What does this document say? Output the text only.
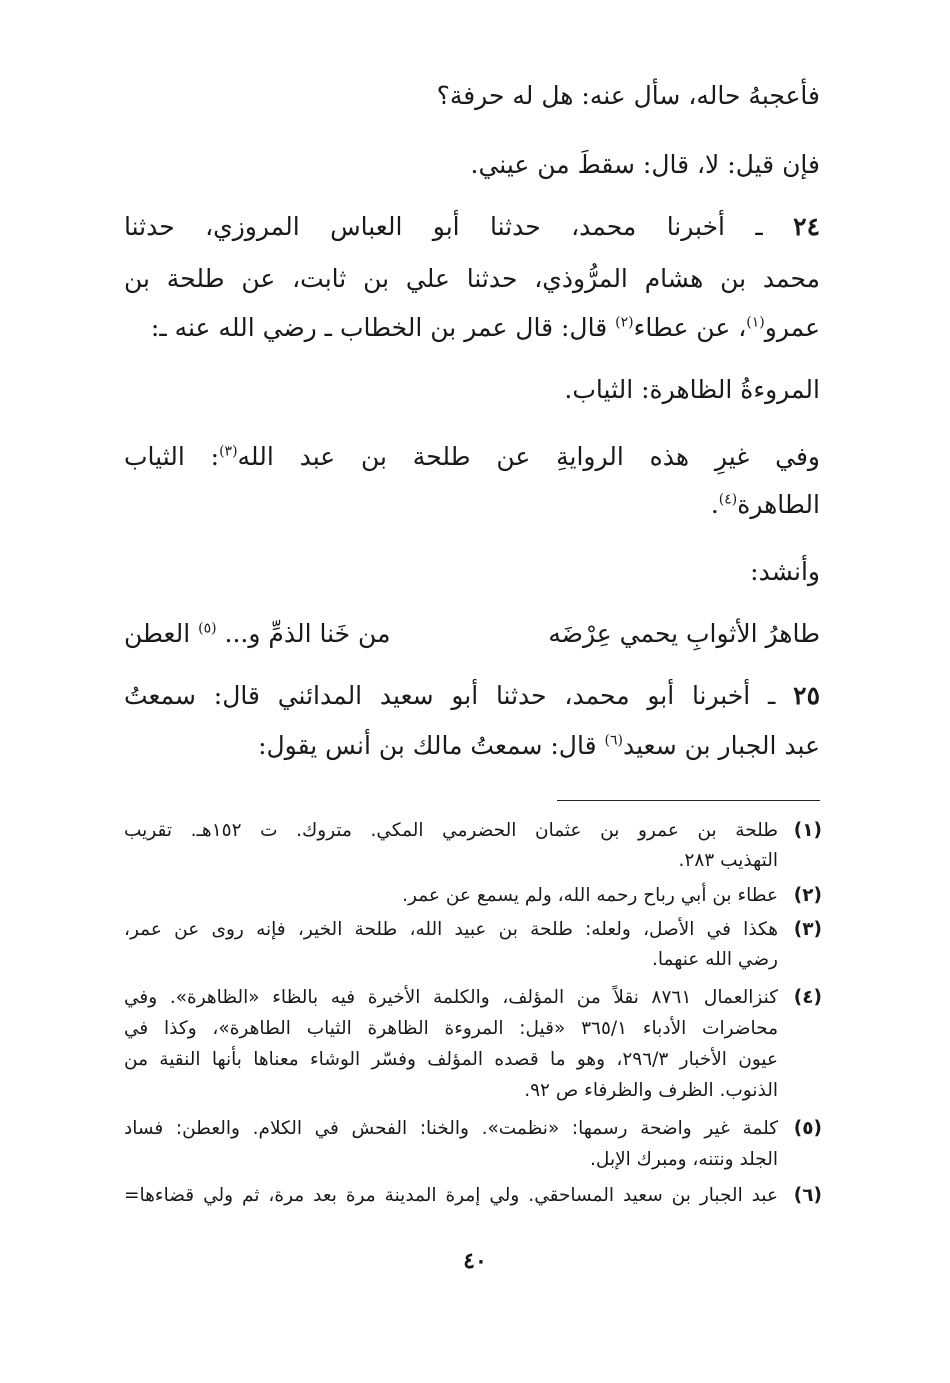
فأعجبهُ حاله، سأل عنه: هل له حرفة؟
فإن قيل: لا، قال: سقطَ من عيني.
٢٤ ـ أخبرنا محمد، حدثنا أبو العباس المروزي، حدثنا
محمد بن هشام المرُّوذي، حدثنا علي بن ثابت، عن طلحة بن
عمرو$^{(١)}$، عن عطاء$^{(٢)}$ قال: قال عمر بن الخطاب ـ رضي الله عنه ـ:
المروءةُ الظاهرة: الثياب.
وفي غيرِ هذه الروايةِ عن طلحة بن عبد الله$^{(٣)}$: الثياب
الطاهرة$^{(٤)}$.
وأنشد:
طاهرُ الأثوابِ يحمي عِرْضَه
من خَنا الذمِّ و... $^{(٥)}$ العطن
٢٥ ـ أخبرنا أبو محمد، حدثنا أبو سعيد المدائني قال: سمعتُ
عبد الجبار بن سعيد$^{(٦)}$ قال: سمعتُ مالك بن أنس يقول:
(١)
طلحة بن عمرو بن عثمان الحضرمي المكي. متروك. ت ١٥٢هـ. تقريب
التهذيب ٢٨٣.
(٢)
عطاء بن أبي رباح رحمه الله، ولم يسمع عن عمر.
(٣)
هكذا في الأصل، ولعله: طلحة بن عبيد الله، طلحة الخير، فإنه روى عن عمر،
رضي الله عنهما.
(٤)
كنزالعمال ٨٧٦١ نقلاً من المؤلف، والكلمة الأخيرة فيه بالظاء «الظاهرة». وفي
محاضرات الأدباء ٣٦٥/١ «قيل: المروءة الظاهرة الثياب الطاهرة»، وكذا في
عيون الأخبار ٢٩٦/٣، وهو ما قصده المؤلف وفسّر الوشاء معناها بأنها النقية من
الذنوب. الظرف والظرفاء ص ٩٢.
(٥)
كلمة غير واضحة رسمها: «نظمت». والخنا: الفحش في الكلام. والعطن: فساد
الجلد ونتنه، ومبرك الإبل.
(٦)
عبد الجبار بن سعيد المساحقي. ولي إمرة المدينة مرة بعد مرة، ثم ولي قضاءها=
٤٠
